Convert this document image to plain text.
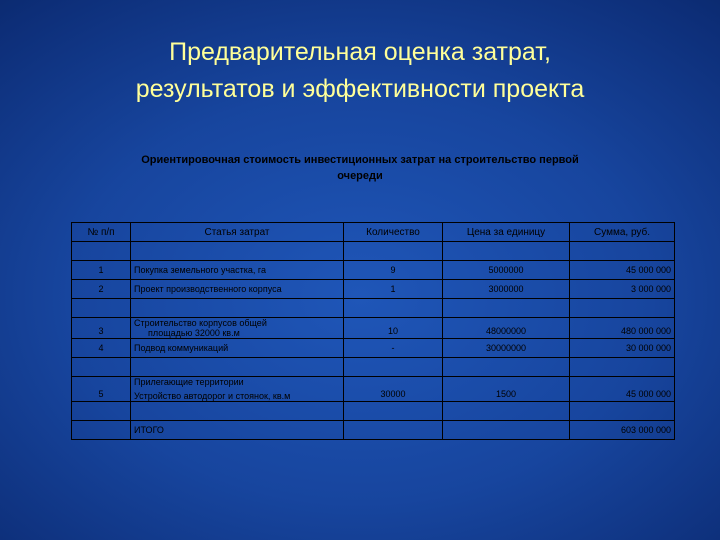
Предварительная оценка затрат,
результатов и эффективности проекта
Ориентировочная стоимость инвестиционных затрат на строительство первой
очереди
№ п/п	Статья затрат	Количество	Цена за единицу	Сумма, руб.

1	Покупка земельного участка, га	9	5000000	45 000 000
2	Проект производственного корпуса	1	3000000	3 000 000

3	Строительство корпусов общей
площадью 32000 кв.м	10	48000000	480 000 000
4	Подвод коммуникаций	-	30000000	30 000 000

5	Прилегающие территории
Устройство автодорог и стоянок, кв.м	30000	1500	45 000 000

	ИТОГО			603 000 000
